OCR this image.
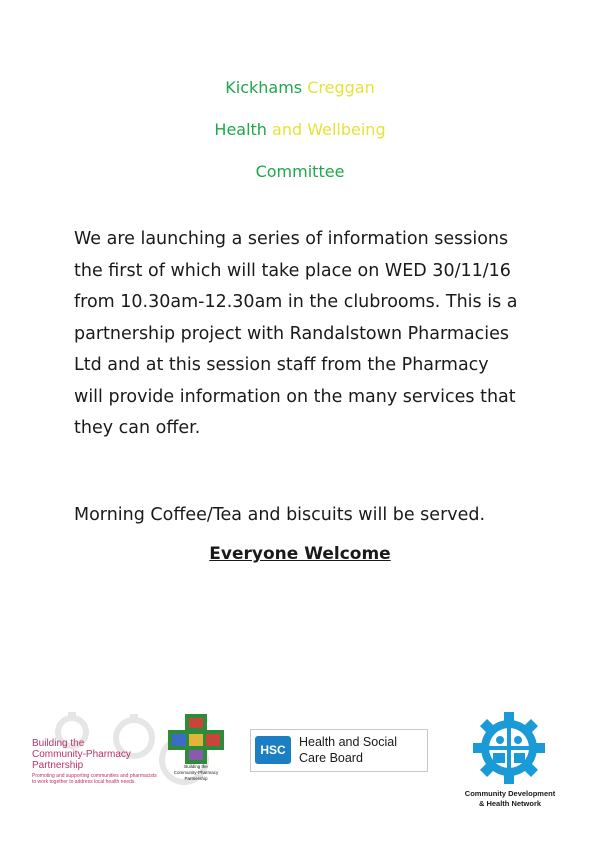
Kickhams Creggan
Health and Wellbeing
Committee
We are launching a series of information sessions
the first of which will take place on WED 30/11/16
from 10.30am-12.30am in the clubrooms. This is a
partnership project with Randalstown Pharmacies
Ltd and at this session staff from the Pharmacy
will provide information on the many services that
they can offer.
Morning Coffee/Tea and biscuits will be served.
Everyone Welcome
Building the
Community-Pharmacy
Partnership
Promoting and supporting communities and pharmacists to work together to address local health needs.
Building the
Community-Pharmacy
Partnership
HSC
Health and Social
Care Board
Community Development
& Health Network
